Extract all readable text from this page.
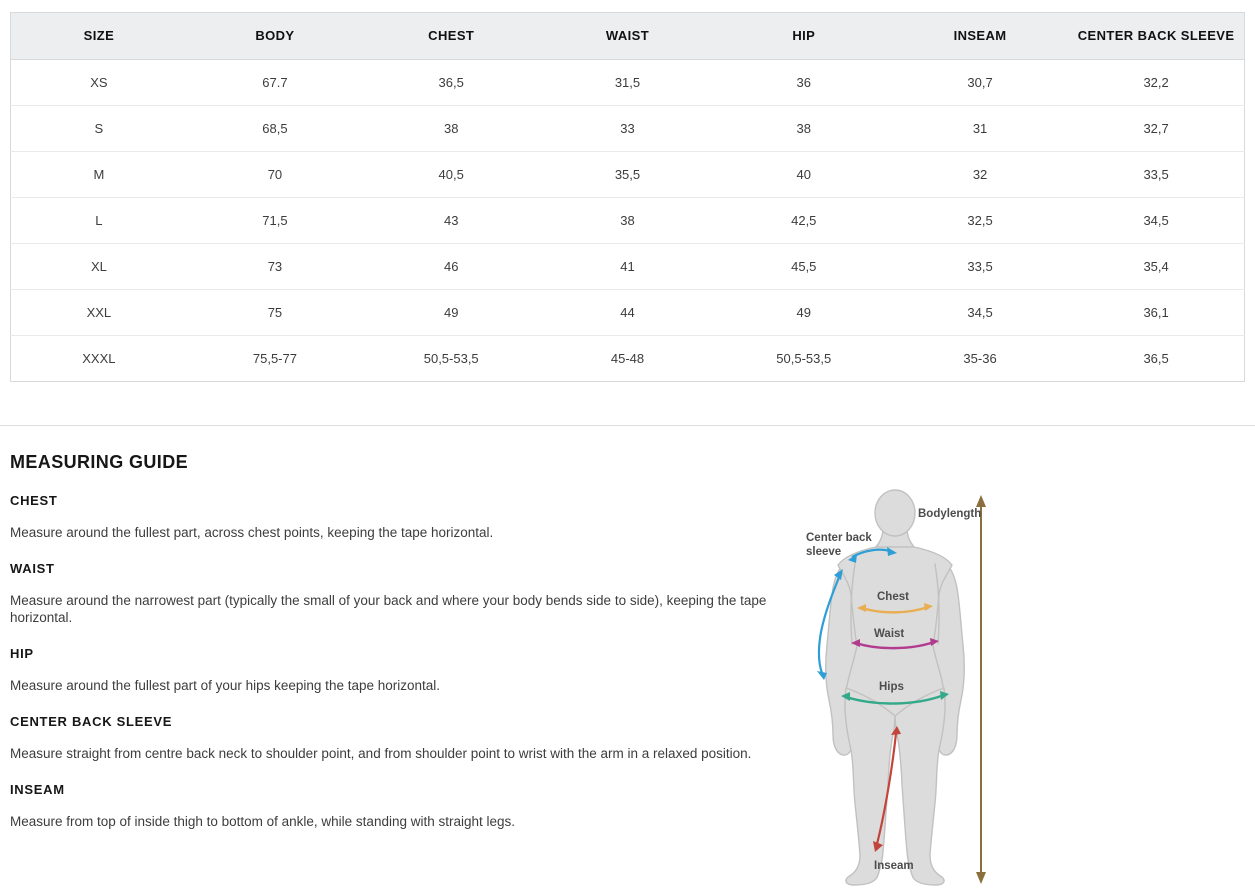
SIZE	BODY	CHEST	WAIST	HIP	INSEAM	CENTER BACK SLEEVE
XS	67.7	36,5	31,5	36	30,7	32,2
S	68,5	38	33	38	31	32,7
M	70	40,5	35,5	40	32	33,5
L	71,5	43	38	42,5	32,5	34,5
XL	73	46	41	45,5	33,5	35,4
XXL	75	49	44	49	34,5	36,1
XXXL	75,5-77	50,5-53,5	45-48	50,5-53,5	35-36	36,5
MEASURING GUIDE
CHEST

Measure around the fullest part, across chest points, keeping the tape horizontal.

WAIST

Measure around the narrowest part (typically the small of your back and where your body bends side to side), keeping the tape horizontal.

HIP

Measure around the fullest part of your hips keeping the tape horizontal.

CENTER BACK SLEEVE

Measure straight from centre back neck to shoulder point, and from shoulder point to wrist with the arm in a relaxed position.

INSEAM

Measure from top of inside thigh to bottom of ankle, while standing with straight legs.

Bodylength
Center back
sleeve
Chest
Waist
Hips
Inseam
